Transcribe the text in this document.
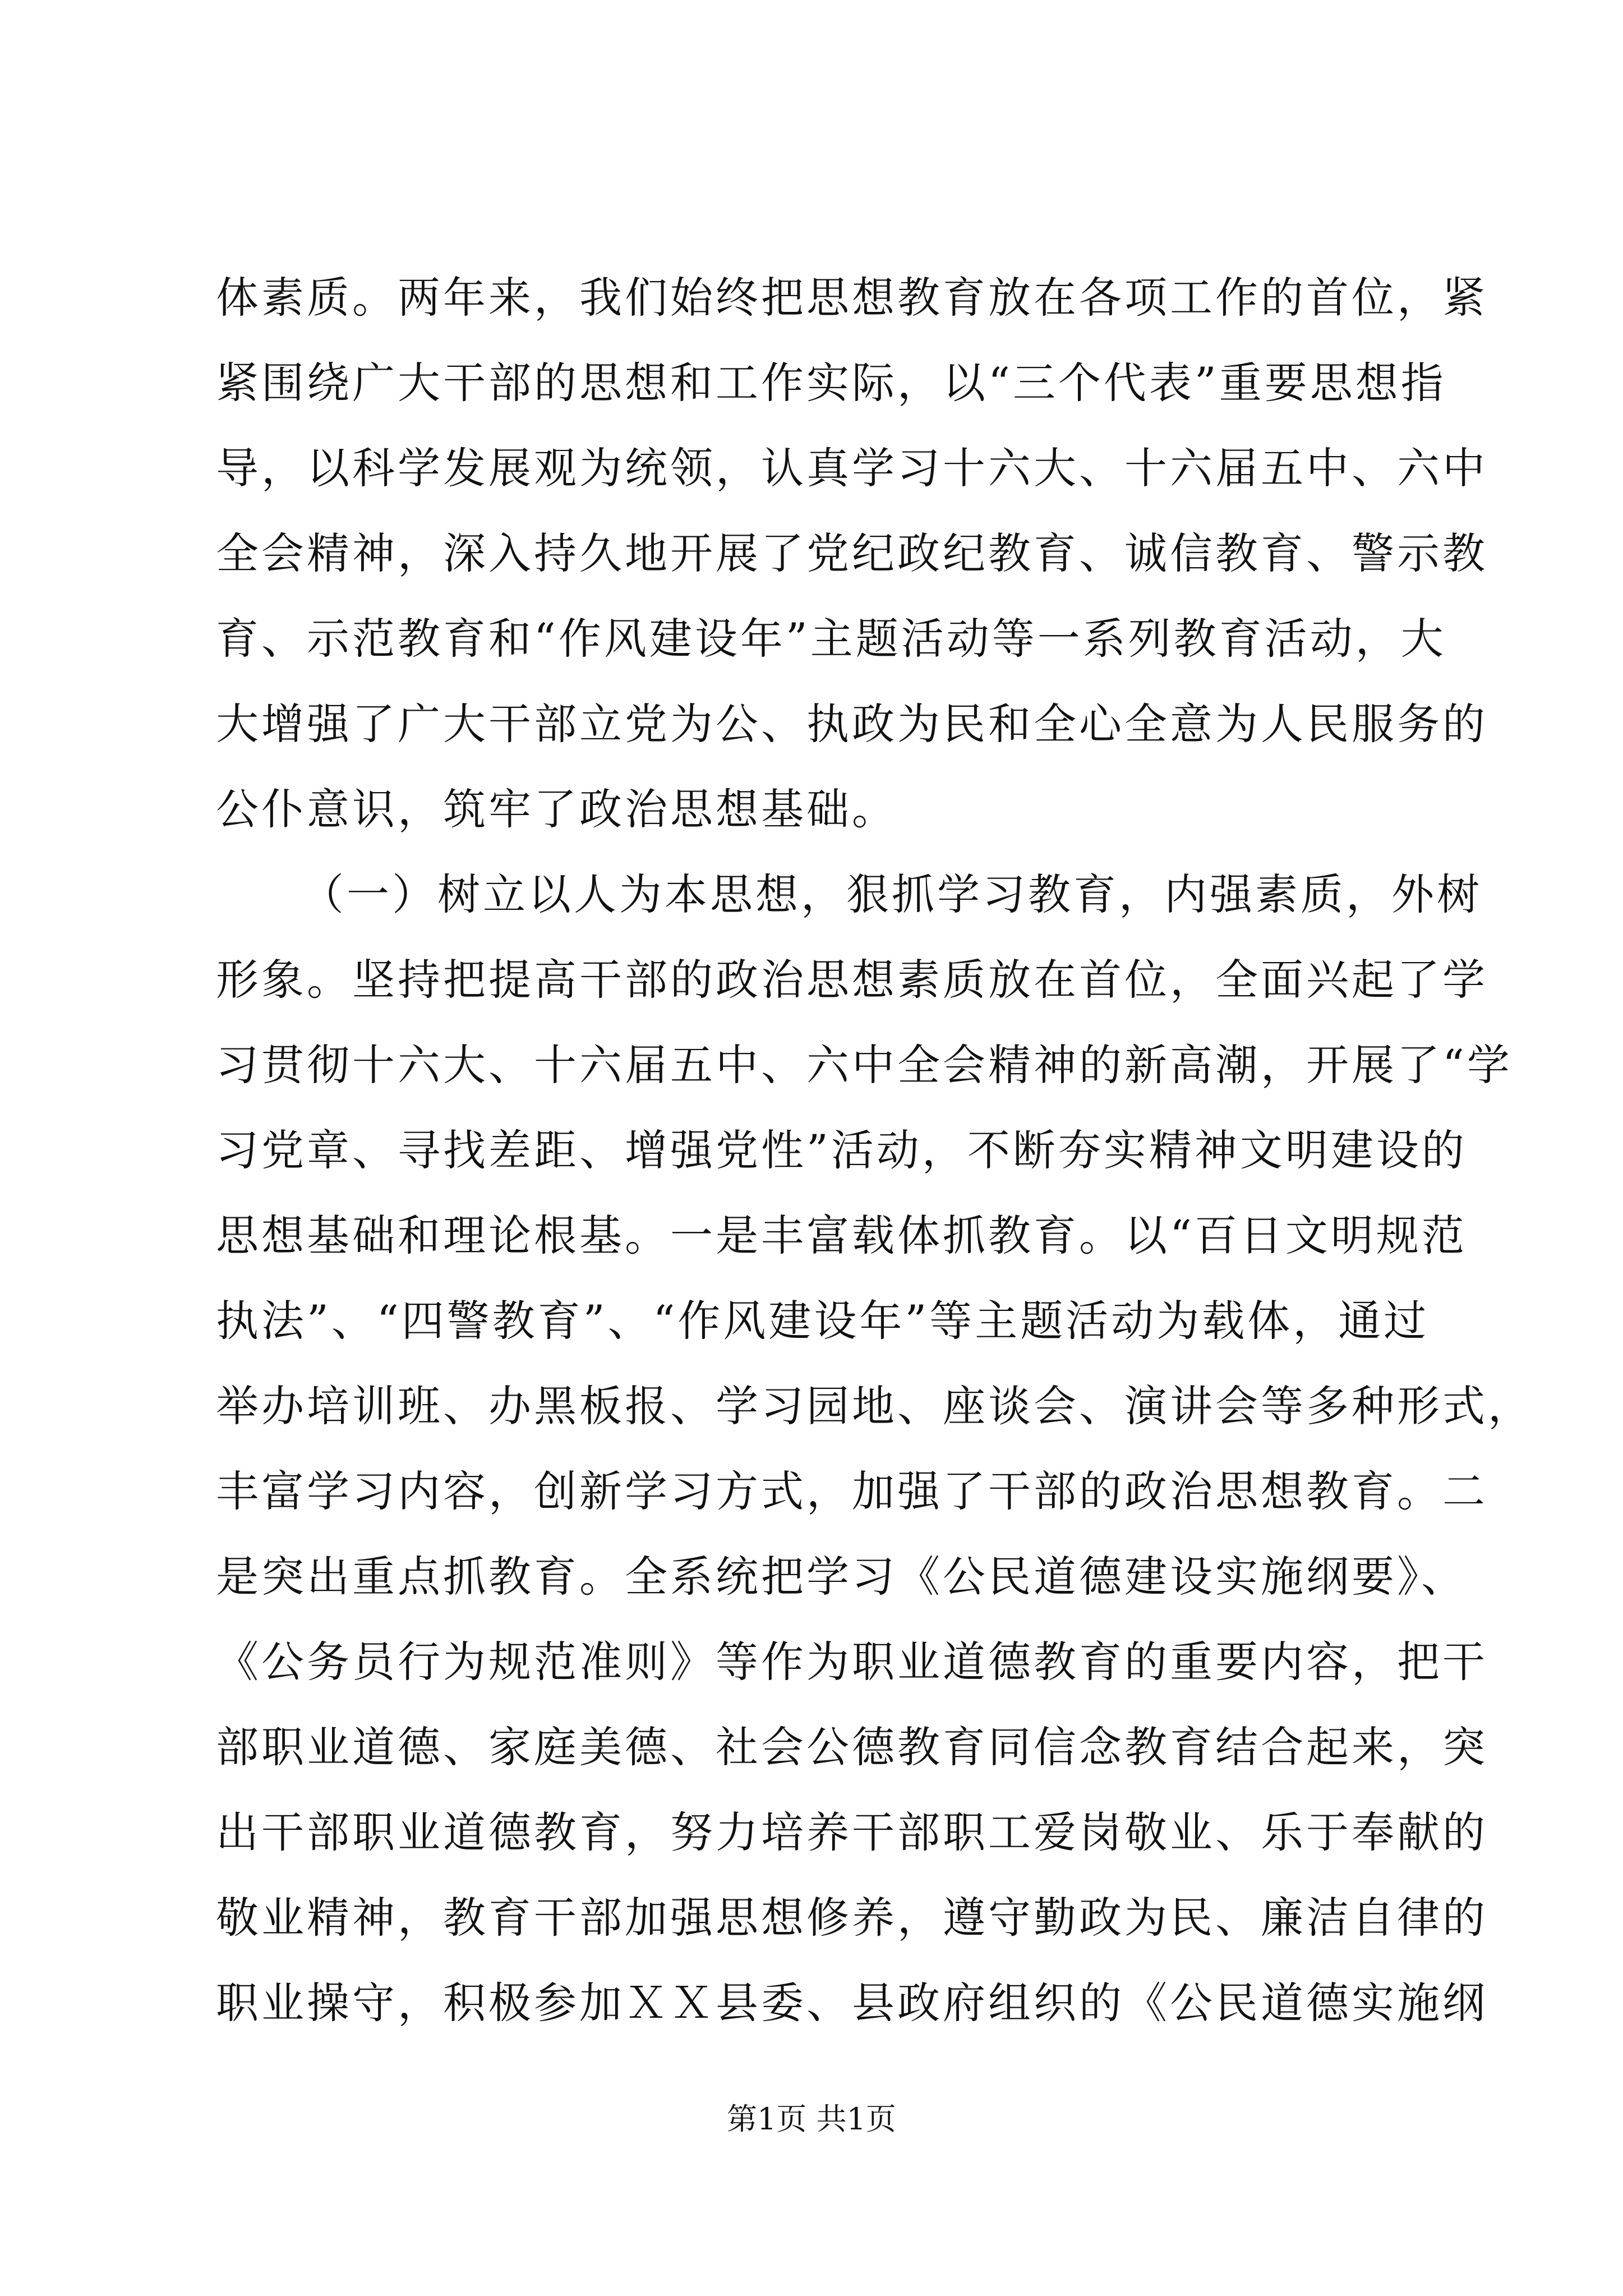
体素质。两年来，我们始终把思想教育放在各项工作的首位，紧
紧围绕广大干部的思想和工作实际，以“三个代表”重要思想指
导，以科学发展观为统领，认真学习十六大、十六届五中、六中
全会精神，深入持久地开展了党纪政纪教育、诚信教育、警示教
育、示范教育和“作风建设年”主题活动等一系列教育活动，大
大增强了广大干部立党为公、执政为民和全心全意为人民服务的
公仆意识，筑牢了政治思想基础。
（一）树立以人为本思想，狠抓学习教育，内强素质，外树
形象。坚持把提高干部的政治思想素质放在首位，全面兴起了学
习贯彻十六大、十六届五中、六中全会精神的新高潮，开展了“学
习党章、寻找差距、增强党性”活动，不断夯实精神文明建设的
思想基础和理论根基。一是丰富载体抓教育。以“百日文明规范
执法”、“四警教育”、“作风建设年”等主题活动为载体，通过
举办培训班、办黑板报、学习园地、座谈会、演讲会等多种形式，
丰富学习内容，创新学习方式，加强了干部的政治思想教育。二
是突出重点抓教育。全系统把学习《公民道德建设实施纲要》、
《公务员行为规范准则》等作为职业道德教育的重要内容，把干
部职业道德、家庭美德、社会公德教育同信念教育结合起来，突
出干部职业道德教育，努力培养干部职工爱岗敬业、乐于奉献的
敬业精神，教育干部加强思想修养，遵守勤政为民、廉洁自律的
职业操守，积极参加ＸＸ县委、县政府组织的《公民道德实施纲
第1页 共1页
